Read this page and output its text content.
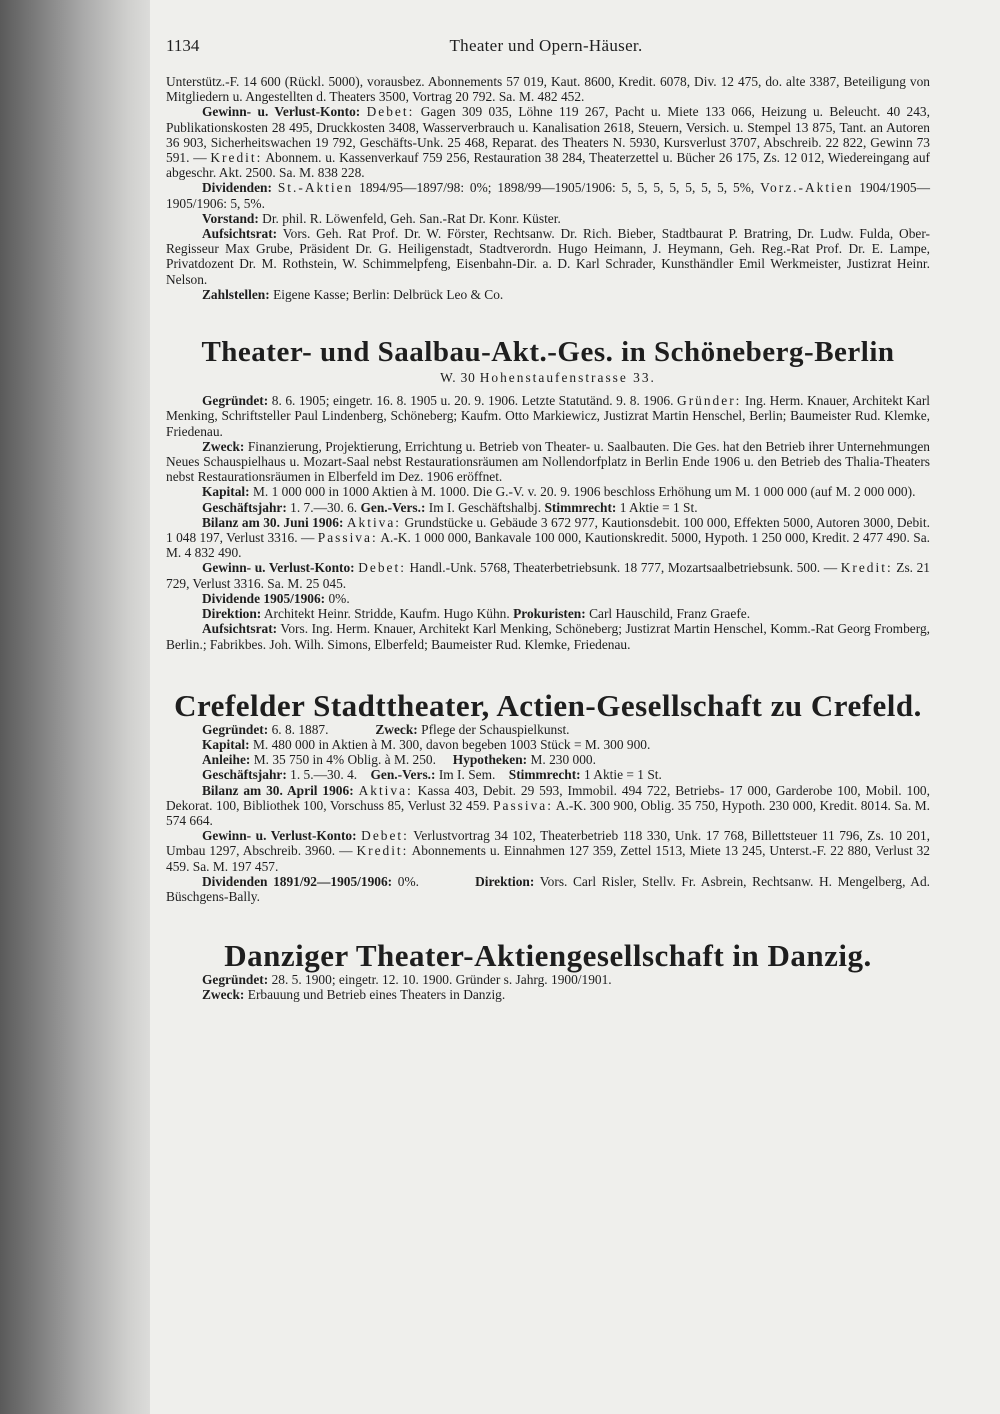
1134	Theater und Opern-Häuser.

Unterstütz.-F. 14 600 (Rückl. 5000), vorausbez. Abonnements 57 019, Kaut. 8600, Kredit. 6078, Div. 12 475, do. alte 3387, Beteiligung von Mitgliedern u. Angestellten d. Theaters 3500, Vortrag 20 792. Sa. M. 482 452.

Gewinn- u. Verlust-Konto: Debet: Gagen 309 035, Löhne 119 267, Pacht u. Miete 133 066, Heizung u. Beleucht. 40 243, Publikationskosten 28 495, Druckkosten 3408, Wasserverbrauch u. Kanalisation 2618, Steuern, Versich. u. Stempel 13 875, Tant. an Autoren 36 903, Sicherheitswachen 19 792, Geschäfts-Unk. 25 468, Reparat. des Theaters N. 5930, Kursverlust 3707, Abschreib. 22 822, Gewinn 73 591. — Kredit: Abonnem. u. Kassenverkauf 759 256, Restauration 38 284, Theaterzettel u. Bücher 26 175, Zs. 12 012, Wiedereingang auf abgeschr. Akt. 2500. Sa. M. 838 228.

Dividenden: St.-Aktien 1894/95—1897/98: 0%; 1898/99—1905/1906: 5, 5, 5, 5, 5, 5, 5, 5%, Vorz.-Aktien 1904/1905—1905/1906: 5, 5%.

Vorstand: Dr. phil. R. Löwenfeld, Geh. San.-Rat Dr. Konr. Küster.

Aufsichtsrat: Vors. Geh. Rat Prof. Dr. W. Förster, Rechtsanw. Dr. Rich. Bieber, Stadtbaurat P. Bratring, Dr. Ludw. Fulda, Ober-Regisseur Max Grube, Präsident Dr. G. Heiligenstadt, Stadtverordn. Hugo Heimann, J. Heymann, Geh. Reg.-Rat Prof. Dr. E. Lampe, Privatdozent Dr. M. Rothstein, W. Schimmelpfeng, Eisenbahn-Dir. a. D. Karl Schrader, Kunsthändler Emil Werkmeister, Justizrat Heinr. Nelson.

Zahlstellen: Eigene Kasse; Berlin: Delbrück Leo & Co.

Theater- und Saalbau-Akt.-Ges. in Schöneberg-Berlin
W. 30 Hohenstaufenstrasse 33.

Gegründet: 8. 6. 1905; eingetr. 16. 8. 1905 u. 20. 9. 1906. Letzte Statutänd. 9. 8. 1906. Gründer: Ing. Herm. Knauer, Architekt Karl Menking, Schriftsteller Paul Lindenberg, Schöneberg; Kaufm. Otto Markiewicz, Justizrat Martin Henschel, Berlin; Baumeister Rud. Klemke, Friedenau.

Zweck: Finanzierung, Projektierung, Errichtung u. Betrieb von Theater- u. Saalbauten. Die Ges. hat den Betrieb ihrer Unternehmungen Neues Schauspielhaus u. Mozart-Saal nebst Restaurationsräumen am Nollendorfplatz in Berlin Ende 1906 u. den Betrieb des Thalia-Theaters nebst Restaurationsräumen in Elberfeld im Dez. 1906 eröffnet.

Kapital: M. 1 000 000 in 1000 Aktien à M. 1000. Die G.-V. v. 20. 9. 1906 beschloss Erhöhung um M. 1 000 000 (auf M. 2 000 000).

Geschäftsjahr: 1. 7.—30. 6. Gen.-Vers.: Im I. Geschäftshalbj. Stimmrecht: 1 Aktie = 1 St.

Bilanz am 30. Juni 1906: Aktiva: Grundstücke u. Gebäude 3 672 977, Kautionsdebit. 100 000, Effekten 5000, Autoren 3000, Debit. 1 048 197, Verlust 3316. — Passiva: A.-K. 1 000 000, Bankavale 100 000, Kautionskredit. 5000, Hypoth. 1 250 000, Kredit. 2 477 490. Sa. M. 4 832 490.

Gewinn- u. Verlust-Konto: Debet: Handl.-Unk. 5768, Theaterbetriebsunk. 18 777, Mozartsaalbetriebsunk. 500. — Kredit: Zs. 21 729, Verlust 3316. Sa. M. 25 045.

Dividende 1905/1906: 0%.

Direktion: Architekt Heinr. Stridde, Kaufm. Hugo Kühn. Prokuristen: Carl Hauschild, Franz Graefe.

Aufsichtsrat: Vors. Ing. Herm. Knauer, Architekt Karl Menking, Schöneberg; Justizrat Martin Henschel, Komm.-Rat Georg Fromberg, Berlin.; Fabrikbes. Joh. Wilh. Simons, Elberfeld; Baumeister Rud. Klemke, Friedenau.

Crefelder Stadttheater, Actien-Gesellschaft zu Crefeld.

Gegründet: 6. 8. 1887.	Zweck: Pflege der Schauspielkunst.

Kapital: M. 480 000 in Aktien à M. 300, davon begeben 1003 Stück = M. 300 900.

Anleihe: M. 35 750 in 4% Oblig. à M. 250. Hypotheken: M. 230 000.

Geschäftsjahr: 1. 5.—30. 4. Gen.-Vers.: Im I. Sem. Stimmrecht: 1 Aktie = 1 St.

Bilanz am 30. April 1906: Aktiva: Kassa 403, Debit. 29 593, Immobil. 494 722, Betriebs- 17 000, Garderobe 100, Mobil. 100, Dekorat. 100, Bibliothek 100, Vorschuss 85, Verlust 32 459. Passiva: A.-K. 300 900, Oblig. 35 750, Hypoth. 230 000, Kredit. 8014. Sa. M. 574 664.

Gewinn- u. Verlust-Konto: Debet: Verlustvortrag 34 102, Theaterbetrieb 118 330, Unk. 17 768, Billettsteuer 11 796, Zs. 10 201, Umbau 1297, Abschreib. 3960. — Kredit: Abonnements u. Einnahmen 127 359, Zettel 1513, Miete 13 245, Unterst.-F. 22 880, Verlust 32 459. Sa. M. 197 457.

Dividenden 1891/92—1905/1906: 0%.	Direktion: Vors. Carl Risler, Stellv. Fr. Asbrein, Rechtsanw. H. Mengelberg, Ad. Büschgens-Bally.

Danziger Theater-Aktiengesellschaft in Danzig.

Gegründet: 28. 5. 1900; eingetr. 12. 10. 1900. Gründer s. Jahrg. 1900/1901.

Zweck: Erbauung und Betrieb eines Theaters in Danzig.
